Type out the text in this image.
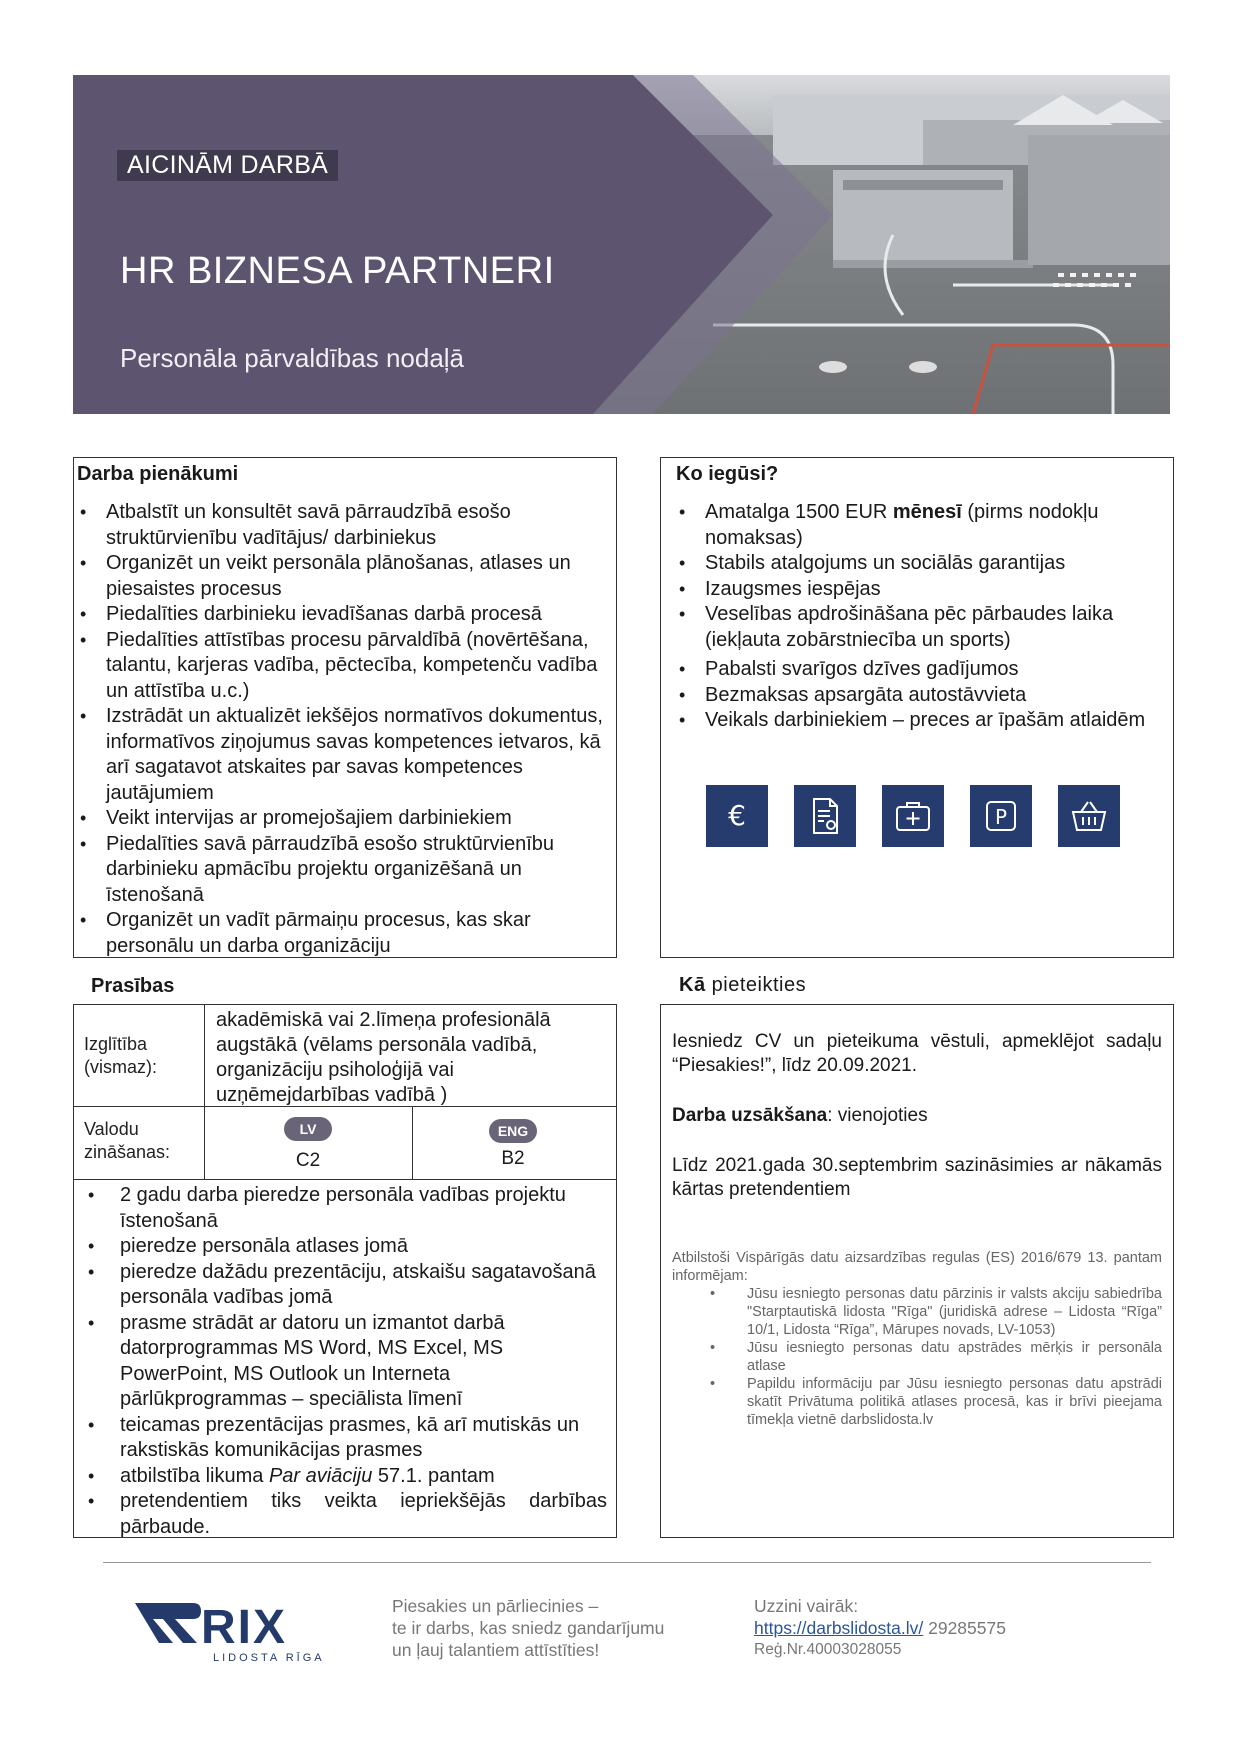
AICINĀM DARBĀ
HR BIZNESA PARTNERI
Personāla pārvaldības nodaļā
Darba pienākumi
• Atbalstīt un konsultēt savā pārraudzībā esošo struktūrvienību vadītājus/ darbiniekus
• Organizēt un veikt personāla plānošanas, atlases un piesaistes procesus
• Piedalīties darbinieku ievadīšanas darbā procesā
• Piedalīties attīstības procesu pārvaldībā (novērtēšana, talantu, karjeras vadība, pēctecība, kompetenču vadība un attīstība u.c.)
• Izstrādāt un aktualizēt iekšējos normatīvos dokumentus, informatīvos ziņojumus savas kompetences ietvaros, kā arī sagatavot atskaites par savas kompetences jautājumiem
• Veikt intervijas ar promejošajiem darbiniekiem
• Piedalīties savā pārraudzībā esošo struktūrvienību darbinieku apmācību projektu organizēšanā un īstenošanā
• Organizēt un vadīt pārmaiņu procesus, kas skar personālu un darba organizāciju
Ko iegūsi?
• Amatalga 1500 EUR mēnesī (pirms nodokļu nomaksas)
• Stabils atalgojums un sociālās garantijas
• Izaugsmes iespējas
• Veselības apdrošināšana pēc pārbaudes laika (iekļauta zobārstniecība un sports)
• Pabalsti svarīgos dzīves gadījumos
• Bezmaksas apsargāta autostāvvieta
• Veikals darbiniekiem – preces ar īpašām atlaidēm
€	P
Prasības
Izglītība (vismaz):
akadēmiskā vai 2.līmeņa profesionālā augstākā (vēlams personāla vadībā, organizāciju psiholoģijā vai uzņēmejdarbības vadībā )
Valodu zināšanas:
LV
C2
ENG
B2
• 2 gadu darba pieredze personāla vadības projektu īstenošanā
• pieredze personāla atlases jomā
• pieredze dažādu prezentāciju, atskaišu sagatavošanā personāla vadības jomā
• prasme strādāt ar datoru un izmantot darbā datorprogrammas MS Word, MS Excel, MS PowerPoint, MS Outlook un Interneta pārlūkprogrammas – speciālista līmenī
• teicamas prezentācijas prasmes, kā arī mutiskās un rakstiskās komunikācijas prasmes
• atbilstība likuma Par aviāciju 57.1. pantam
• pretendentiem tiks veikta iepriekšējās darbības pārbaude.
Kā pieteikties
Iesniedz CV un pieteikuma vēstuli, apmeklējot sadaļu “Piesakies!”, līdz 20.09.2021.
Darba uzsākšana: vienojoties
Līdz 2021.gada 30.septembrim sazināsimies ar nākamās kārtas pretendentiem
Atbilstoši Vispārīgās datu aizsardzības regulas (ES) 2016/679 13. pantam informējam:
• Jūsu iesniegto personas datu pārzinis ir valsts akciju sabiedrība "Starptautiskā lidosta "Rīga" (juridiskā adrese – Lidosta “Rīga” 10/1, Lidosta “Rīga”, Mārupes novads, LV-1053)
• Jūsu iesniegto personas datu apstrādes mērķis ir personāla atlase
• Papildu informāciju par Jūsu iesniegto personas datu apstrādi skatīt Privātuma politikā atlases procesā, kas ir brīvi pieejama tīmekļa vietnē darbslidosta.lv
RIX
LIDOSTA RĪGA
Piesakies un pārliecinies –
te ir darbs, kas sniedz gandarījumu
un ļauj talantiem attīstīties!
Uzzini vairāk:
https://darbslidosta.lv/ 29285575
Reģ.Nr.40003028055
